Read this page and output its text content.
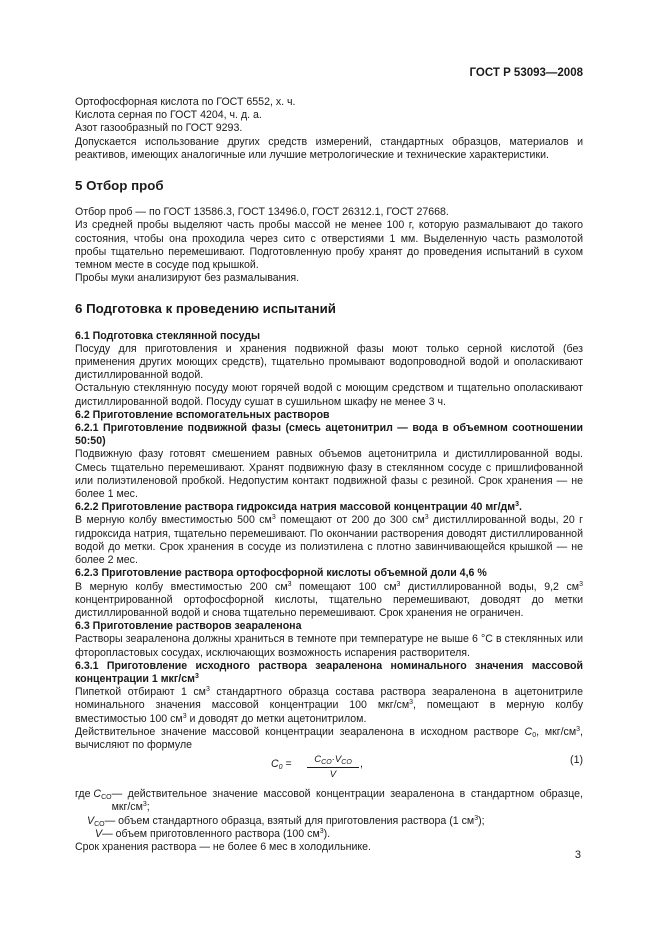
ГОСТ Р 53093—2008

Ортофосфорная кислота по ГОСТ 6552, х. ч.

Кислота серная по ГОСТ 4204, ч. д. а.

Азот газообразный по ГОСТ 9293.

Допускается использование других средств измерений, стандартных образцов, материалов и реактивов, имеющих аналогичные или лучшие метрологические и технические характеристики.

5 Отбор проб

Отбор проб — по ГОСТ 13586.3, ГОСТ 13496.0, ГОСТ 26312.1, ГОСТ 27668.

Из средней пробы выделяют часть пробы массой не менее 100 г, которую размалывают до такого состояния, чтобы она проходила через сито с отверстиями 1 мм. Выделенную часть размолотой пробы тщательно перемешивают. Подготовленную пробу хранят до проведения испытаний в сухом темном месте в сосуде под крышкой.

Пробы муки анализируют без размалывания.

6 Подготовка к проведению испытаний

6.1 Подготовка стеклянной посуды

Посуду для приготовления и хранения подвижной фазы моют только серной кислотой (без применения других моющих средств), тщательно промывают водопроводной водой и ополаскивают дистиллированной водой.

Остальную стеклянную посуду моют горячей водой с моющим средством и тщательно ополаскивают дистиллированной водой. Посуду сушат в сушильном шкафу не менее 3 ч.

6.2 Приготовление вспомогательных растворов

6.2.1 Приготовление подвижной фазы (смесь ацетонитрил — вода в объемном соотношении 50:50)

Подвижную фазу готовят смешением равных объемов ацетонитрила и дистиллированной воды. Смесь тщательно перемешивают. Хранят подвижную фазу в стеклянном сосуде с пришлифованной или полиэтиленовой пробкой. Недопустим контакт подвижной фазы с резиной. Срок хранения — не более 1 мес.

6.2.2 Приготовление раствора гидроксида натрия массовой концентрации 40 $мг/дм^3$.

В мерную колбу вместимостью 500 $см^3$ помещают от 200 до 300 $см^3$ дистиллированной воды, 20 г гидроксида натрия, тщательно перемешивают. По окончании растворения доводят дистиллированной водой до метки. Срок хранения в сосуде из полиэтилена с плотно завинчивающейся крышкой — не более 2 мес.

6.2.3 Приготовление раствора ортофосфорной кислоты объемной доли 4,6 %

В мерную колбу вместимостью 200 $см^3$ помещают 100 $см^3$ дистиллированной воды, 9,2 $см^3$ концентрированной ортофосфорной кислоты, тщательно перемешивают, доводят до метки дистиллированной водой и снова тщательно перемешивают. Срок хранения не ограничен.

6.3 Приготовление растворов зеараленона

Растворы зеараленона должны храниться в темноте при температуре не выше 6 °С в стеклянных или фторопластовых сосудах, исключающих возможность испарения растворителя.

6.3.1 Приготовление исходного раствора зеараленона номинального значения массовой концентрации 1 мкг/$см^3$

Пипеткой отбирают 1 $см^3$ стандартного образца состава раствора зеараленона в ацетонитриле номинального значения массовой концентрации 100 мкг/$см^3$, помещают в мерную колбу вместимостью 100 $см^3$ и доводят до метки ацетонитрилом.

Действительное значение массовой концентрации зеараленона в исходном растворе $C_0$, мкг/$см^3$, вычисляют по формуле

$C_0$ =	$C_{CO}\cdot V_{CO}$
V
,	(1)
где $C_{CO}$ — действительное значение массовой концентрации зеараленона в стандартном образце, мкг/$см^3$;
$V_{CO}$ — объем стандартного образца, взятый для приготовления раствора (1 $см^3$);
V — объем приготовленного раствора (100 $см^3$).

Срок хранения раствора — не более 6 мес в холодильнике.

3
